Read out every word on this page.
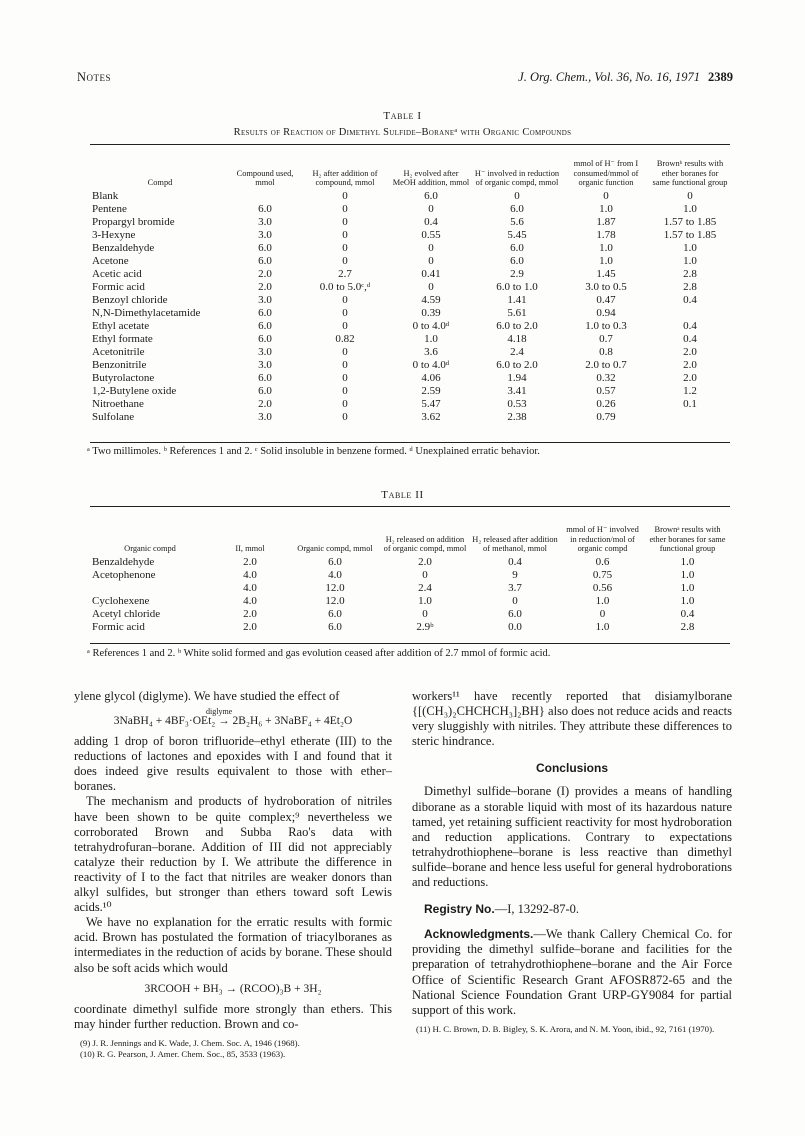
Notes	J. Org. Chem., Vol. 36, No. 16, 1971 2389
Table I
Results of Reaction of Dimethyl Sulfide–Boraneᵃ with Organic Compounds
Compd	Compound used, mmol	H₂ after addition of compound, mmol	H₂ evolved after MeOH addition, mmol	H⁻ involved in reduction of organic compd, mmol	mmol of H⁻ from I consumed/mmol of organic function	Brownᵇ results with ether boranes for same functional group
Blank		0	6.0	0	0	0
Pentene	6.0	0	0	6.0	1.0	1.0
Propargyl bromide	3.0	0	0.4	5.6	1.87	1.57 to 1.85
3-Hexyne	3.0	0	0.55	5.45	1.78	1.57 to 1.85
Benzaldehyde	6.0	0	0	6.0	1.0	1.0
Acetone	6.0	0	0	6.0	1.0	1.0
Acetic acid	2.0	2.7	0.41	2.9	1.45	2.8
Formic acid	2.0	0.0 to 5.0ᶜ,ᵈ	0	6.0 to 1.0	3.0 to 0.5	2.8
Benzoyl chloride	3.0	0	4.59	1.41	0.47	0.4
N,N-Dimethylacetamide	6.0	0	0.39	5.61	0.94	
Ethyl acetate	6.0	0	0 to 4.0ᵈ	6.0 to 2.0	1.0 to 0.3	0.4
Ethyl formate	6.0	0.82	1.0	4.18	0.7	0.4
Acetonitrile	3.0	0	3.6	2.4	0.8	2.0
Benzonitrile	3.0	0	0 to 4.0ᵈ	6.0 to 2.0	2.0 to 0.7	2.0
Butyrolactone	6.0	0	4.06	1.94	0.32	2.0
1,2-Butylene oxide	6.0	0	2.59	3.41	0.57	1.2
Nitroethane	2.0	0	5.47	0.53	0.26	0.1
Sulfolane	3.0	0	3.62	2.38	0.79	
ᵃ Two millimoles. ᵇ References 1 and 2. ᶜ Solid insoluble in benzene formed. ᵈ Unexplained erratic behavior.
Table II
Organic compd	II, mmol	Organic compd, mmol	H₂ released on addition of organic compd, mmol	H₂ released after addition of methanol, mmol	mmol of H⁻ involved in reduction/mol of organic compd	Brownᵃ results with ether boranes for same functional group
Benzaldehyde	2.0	6.0	2.0	0.4	0.6	1.0
Acetophenone	4.0	4.0	0	9	0.75	1.0
	4.0	12.0	2.4	3.7	0.56	1.0
Cyclohexene	4.0	12.0	1.0	0	1.0	1.0
Acetyl chloride	2.0	6.0	0	6.0	0	0.4
Formic acid	2.0	6.0	2.9ᵇ	0.0	1.0	2.8
ᵃ References 1 and 2. ᵇ White solid formed and gas evolution ceased after addition of 2.7 mmol of formic acid.

ylene glycol (diglyme). We have studied the effect of

diglyme
3NaBH₄ + 4BF₃·OEt₂ → 2B₂H₆ + 3NaBF₄ + 4Et₂O

adding 1 drop of boron trifluoride–ethyl etherate (III) to the reductions of lactones and epoxides with I and found that it does indeed give results equivalent to those with ether–boranes.

The mechanism and products of hydroboration of nitriles have been shown to be quite complex;⁹ nevertheless we corroborated Brown and Subba Rao's data with tetrahydrofuran–borane. Addition of III did not appreciably catalyze their reduction by I. We attribute the difference in reactivity of I to the fact that nitriles are weaker donors than alkyl sulfides, but stronger than ethers toward soft Lewis acids.¹⁰

We have no explanation for the erratic results with formic acid. Brown has postulated the formation of triacylboranes as intermediates in the reduction of acids by borane. These should also be soft acids which would

3RCOOH + BH₃ → (RCOO)₃B + 3H₂

coordinate dimethyl sulfide more strongly than ethers. This may hinder further reduction. Brown and co-

(9) J. R. Jennings and K. Wade, J. Chem. Soc. A, 1946 (1968).
(10) R. G. Pearson, J. Amer. Chem. Soc., 85, 3533 (1963).

workers¹¹ have recently reported that disiamylborane {[(CH₃)₂CHCHCH₃]₂BH} also does not reduce acids and reacts very sluggishly with nitriles. They attribute these differences to steric hindrance.

Conclusions

Dimethyl sulfide–borane (I) provides a means of handling diborane as a storable liquid with most of its hazardous nature tamed, yet retaining sufficient reactivity for most hydroboration and reduction applications. Contrary to expectations tetrahydrothiophene–borane is less reactive than dimethyl sulfide–borane and hence less useful for general hydroborations and reductions.

Registry No.—I, 13292-87-0.

Acknowledgments.—We thank Callery Chemical Co. for providing the dimethyl sulfide–borane and facilities for the preparation of tetrahydrothiophene–borane and the Air Force Office of Scientific Research Grant AFOSR872-65 and the National Science Foundation Grant URP-GY9084 for partial support of this work.

(11) H. C. Brown, D. B. Bigley, S. K. Arora, and N. M. Yoon, ibid., 92, 7161 (1970).
